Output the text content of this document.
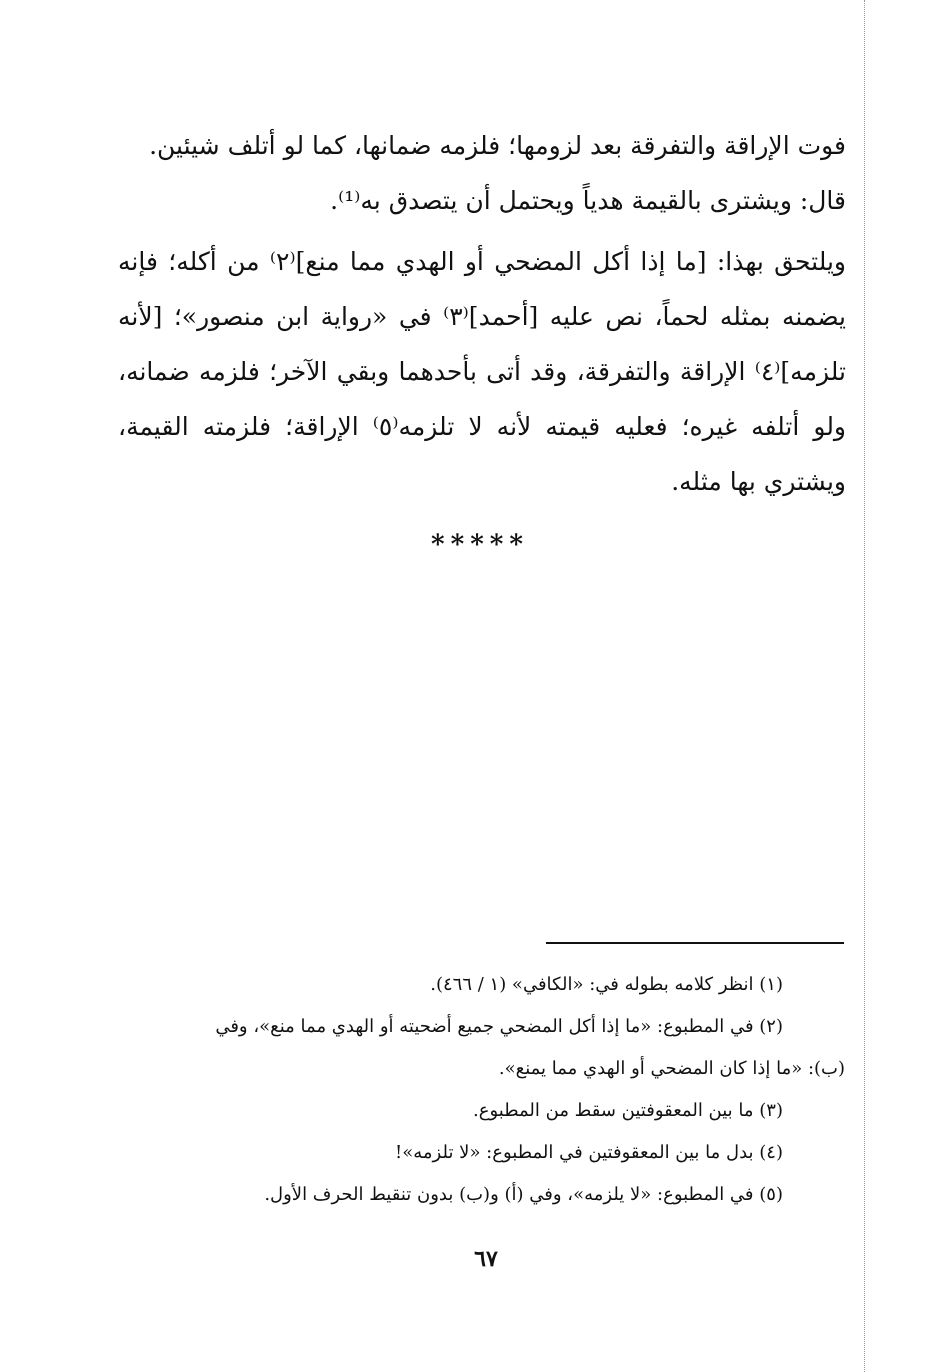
فوت الإراقة والتفرقة بعد لزومها؛ فلزمه ضمانها، كما لو أتلف شيئين.

قال: ويشترى بالقيمة هدياً ويحتمل أن يتصدق به⁽¹⁾.

ويلتحق بهذا: [ما إذا أكل المضحي أو الهدي مما منع]⁽٢⁾ من أكله؛ فإنه يضمنه بمثله لحماً، نص عليه [أحمد]⁽٣⁾ في «رواية ابن منصور»؛ [لأنه تلزمه]⁽٤⁾ الإراقة والتفرقة، وقد أتى بأحدهما وبقي الآخر؛ فلزمه ضمانه، ولو أتلفه غيره؛ فعليه قيمته لأنه لا تلزمه⁽٥⁾ الإراقة؛ فلزمته القيمة، ويشتري بها مثله.

*****

(١) انظر كلامه بطوله في: «الكافي» (١ / ٤٦٦).

(٢) في المطبوع: «ما إذا أكل المضحي جميع أضحيته أو الهدي مما منع»، وفي

(ب): «ما إذا كان المضحي أو الهدي مما يمنع».

(٣) ما بين المعقوفتين سقط من المطبوع.

(٤) بدل ما بين المعقوفتين في المطبوع: «لا تلزمه»!

(٥) في المطبوع: «لا يلزمه»، وفي (أ) و(ب) بدون تنقيط الحرف الأول.

٦٧
